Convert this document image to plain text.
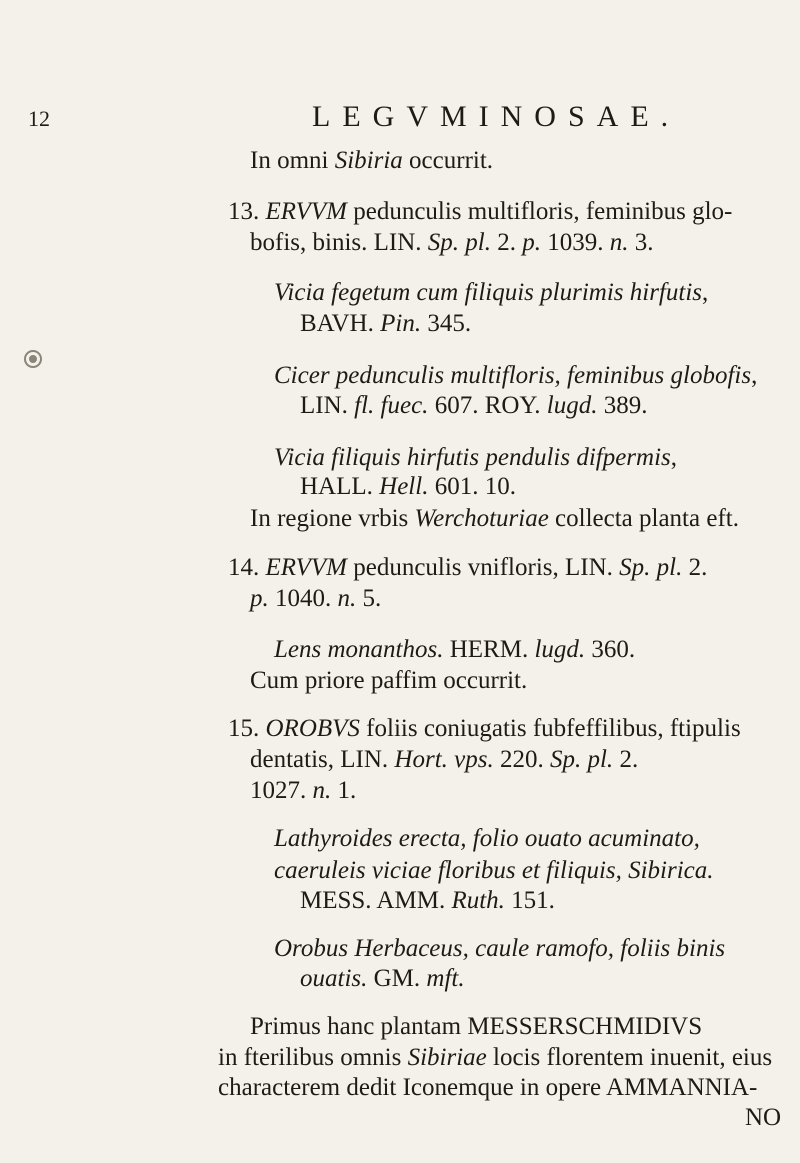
12	LEGVMINOSAE.
In omni Sibiria occurrit.
13. ERVVM pedunculis multifloris, feminibus glo-
bofis, binis. LIN. Sp. pl. 2. p. 1039. n. 3.
Vicia fegetum cum filiquis plurimis hirfutis,
BAVH. Pin. 345.
Cicer pedunculis multifloris, feminibus globofis,
LIN. fl. fuec. 607. ROY. lugd. 389.
Vicia filiquis hirfutis pendulis difpermis,
HALL. Hell. 601. 10.
In regione vrbis Werchoturiae collecta planta eft.
14. ERVVM pedunculis vnifloris, LIN. Sp. pl. 2.
p. 1040. n. 5.
Lens monanthos. HERM. lugd. 360.
Cum priore paffim occurrit.
15. OROBVS foliis coniugatis fubfeffilibus, ftipulis
dentatis, LIN. Hort. vps. 220. Sp. pl. 2.
1027. n. 1.
Lathyroides erecta, folio ouato acuminato,
caeruleis viciae floribus et filiquis, Sibirica.
MESS. AMM. Ruth. 151.
Orobus Herbaceus, caule ramofo, foliis binis
ouatis. GM. mft.
Primus hanc plantam MESSERSCHMIDIVS
in fterilibus omnis Sibiriae locis florentem inuenit, eius
characterem dedit Iconemque in opere AMMANNIA-
NO
